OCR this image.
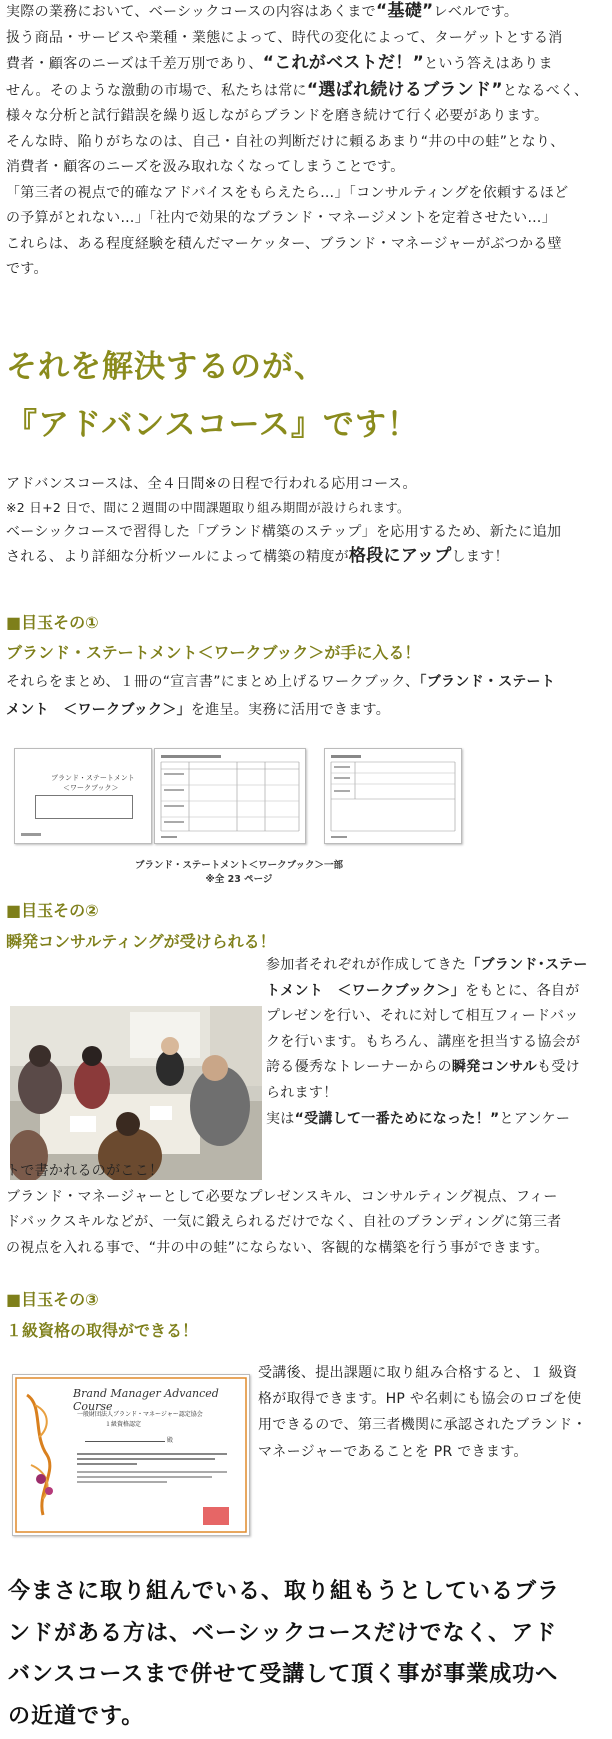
実際の業務において、ベーシックコースの内容はあくまで“基礎”レベルです。
扱う商品・サービスや業種・業態によって、時代の変化によって、ターゲットとする消
費者・顧客のニーズは千差万別であり、“これがベストだ！”という答えはありま
せん。そのような激動の市場で、私たちは常に“選ばれ続けるブランド”となるべく、
様々な分析と試行錯誤を繰り返しながらブランドを磨き続けて行く必要があります。
そんな時、陥りがちなのは、自己・自社の判断だけに頼るあまり“井の中の蛙”となり、
消費者・顧客のニーズを汲み取れなくなってしまうことです。
「第三者の視点で的確なアドバイスをもらえたら…」「コンサルティングを依頼するほど
の予算がとれない…」「社内で効果的なブランド・マネージメントを定着させたい…」
これらは、ある程度経験を積んだマーケッター、ブランド・マネージャーがぶつかる壁
です。
それを解決するのが、
『アドバンスコース』です！
アドバンスコースは、全４日間※の日程で行われる応用コース。
※2 日+2 日で、間に２週間の中間課題取り組み期間が設けられます。
ベーシックコースで習得した「ブランド構築のステップ」を応用するため、新たに追加
される、より詳細な分析ツールによって構築の精度が格段にアップします！
■目玉その①
ブランド・ステートメント＜ワークブック＞が手に入る！
それらをまとめ、１冊の“宣言書”にまとめ上げるワークブック、「ブランド・ステート
メント　＜ワークブック＞」を進呈。実務に活用できます。
ブランド・ステートメント
＜ワークブック＞
ブランド・ステートメント＜ワークブック＞一部
※全 23 ページ
■目玉その②
瞬発コンサルティングが受けられる！
参加者それぞれが作成してきた「ブランド･ステー
トメント　＜ワークブック＞」をもとに、各自が
プレゼンを行い、それに対して相互フィードバッ
クを行います。もちろん、講座を担当する協会が
誇る優秀なトレーナーからの瞬発コンサルも受け
られます！
実は“受講して一番ためになった！”とアンケー
トで書かれるのがここ！
ブランド・マネージャーとして必要なプレゼンスキル、コンサルティング視点、フィー
ドバックスキルなどが、一気に鍛えられるだけでなく、自社のブランディングに第三者
の視点を入れる事で、“井の中の蛙”にならない、客観的な構築を行う事ができます。
■目玉その③
１級資格の取得ができる！
Brand Manager Advanced Course
一般財団法人ブランド・マネージャー認定協会
１級資格認定
殿
受講後、提出課題に取り組み合格すると、１ 級資
格が取得できます。HP や名刺にも協会のロゴを使
用できるので、第三者機関に承認されたブランド・
マネージャーであることを PR できます。
今まさに取り組んでいる、取り組もうとしているブラ
ンドがある方は、ベーシックコースだけでなく、アド
バンスコースまで併せて受講して頂く事が事業成功へ
の近道です。
